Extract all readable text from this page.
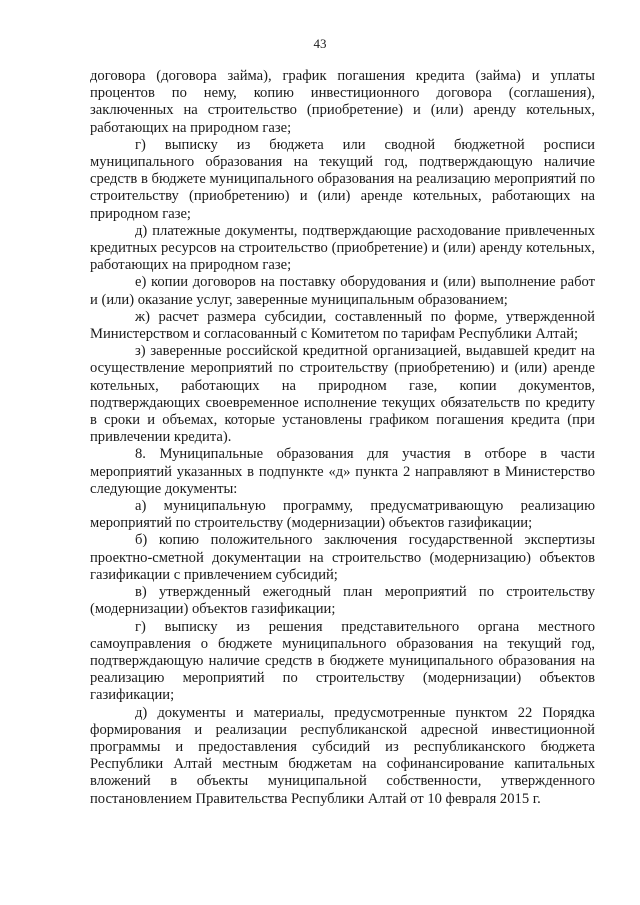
43

договора (договора займа), график погашения кредита (займа) и уплаты процентов по нему, копию инвестиционного договора (соглашения), заключенных на строительство (приобретение) и (или) аренду котельных, работающих на природном газе;

г) выписку из бюджета или сводной бюджетной росписи муниципального образования на текущий год, подтверждающую наличие средств в бюджете муниципального образования на реализацию мероприятий по строительству (приобретению) и (или) аренде котельных, работающих на природном газе;

д) платежные документы, подтверждающие расходование привлеченных кредитных ресурсов на строительство (приобретение) и (или) аренду котельных, работающих на природном газе;

е) копии договоров на поставку оборудования и (или) выполнение работ и (или) оказание услуг, заверенные муниципальным образованием;

ж) расчет размера субсидии, составленный по форме, утвержденной Министерством и согласованный с Комитетом по тарифам Республики Алтай;

з) заверенные российской кредитной организацией, выдавшей кредит на осуществление мероприятий по строительству (приобретению) и (или) аренде котельных, работающих на природном газе, копии документов, подтверждающих своевременное исполнение текущих обязательств по кредиту в сроки и объемах, которые установлены графиком погашения кредита (при привлечении кредита).

8. Муниципальные образования для участия в отборе в части мероприятий указанных в подпункте «д» пункта 2 направляют в Министерство следующие документы:

а) муниципальную программу, предусматривающую реализацию мероприятий по строительству (модернизации) объектов газификации;

б) копию положительного заключения государственной экспертизы проектно-сметной документации на строительство (модернизацию) объектов газификации с привлечением субсидий;

в) утвержденный ежегодный план мероприятий по строительству (модернизации) объектов газификации;

г) выписку из решения представительного органа местного самоуправления о бюджете муниципального образования на текущий год, подтверждающую наличие средств в бюджете муниципального образования на реализацию мероприятий по строительству (модернизации) объектов газификации;

д) документы и материалы, предусмотренные пунктом 22 Порядка формирования и реализации республиканской адресной инвестиционной программы и предоставления субсидий из республиканского бюджета Республики Алтай местным бюджетам на софинансирование капитальных вложений в объекты муниципальной собственности, утвержденного постановлением Правительства Республики Алтай от 10 февраля 2015 г.
